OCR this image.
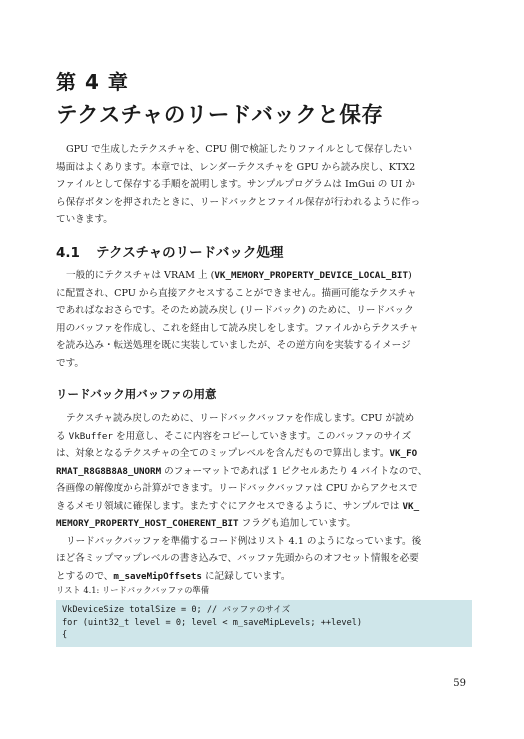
第 4 章
テクスチャのリードバックと保存
GPU で生成したテクスチャを、CPU 側で検証したりファイルとして保存したい
場面はよくあります。本章では、レンダーテクスチャを GPU から読み戻し、KTX2
ファイルとして保存する手順を説明します。サンプルプログラムは ImGui の UI か
ら保存ボタンを押されたときに、リードバックとファイル保存が行われるように作っ
ていきます。
4.1 テクスチャのリードバック処理
一般的にテクスチャは VRAM 上 (VK_MEMORY_PROPERTY_DEVICE_LOCAL_BIT)
に配置され、CPU から直接アクセスすることができません。描画可能なテクスチャ
であればなおさらです。そのため読み戻し (リードバック) のために、リードバック
用のバッファを作成し、これを経由して読み戻しをします。ファイルからテクスチャ
を読み込み・転送処理を既に実装していましたが、その逆方向を実装するイメージ
です。
リードバック用バッファの用意
テクスチャ読み戻しのために、リードバックバッファを作成します。CPU が読め
る VkBuffer を用意し、そこに内容をコピーしていきます。このバッファのサイズ
は、対象となるテクスチャの全てのミップレベルを含んだもので算出します。VK_FO
RMAT_R8G8B8A8_UNORM のフォーマットであれば 1 ピクセルあたり 4 バイトなので、
各画像の解像度から計算ができます。リードバックバッファは CPU からアクセスで
きるメモリ領域に確保します。またすぐにアクセスできるように、サンプルでは VK_
MEMORY_PROPERTY_HOST_COHERENT_BIT フラグも追加しています。
リードバックバッファを準備するコード例はリスト 4.1 のようになっています。後
ほど各ミップマップレベルの書き込みで、バッファ先頭からのオフセット情報を必要
とするので、m_saveMipOffsets に記録しています。
リスト 4.1: リードバックバッファの準備
VkDeviceSize totalSize = 0; // バッファのサイズ
for (uint32_t level = 0; level < m_saveMipLevels; ++level)
{
59
